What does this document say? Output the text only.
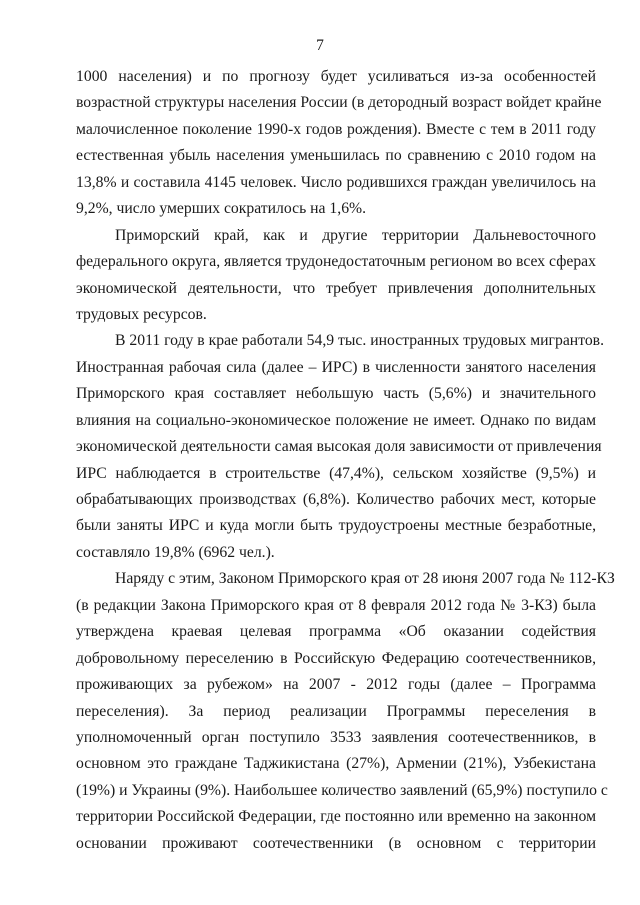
7
1000 населения) и по прогнозу будет усиливаться из-за особенностей
возрастной структуры населения России (в детородный возраст войдет крайне
малочисленное поколение 1990-х годов рождения). Вместе с тем в 2011 году
естественная убыль населения уменьшилась по сравнению с 2010 годом на
13,8% и составила 4145 человек. Число родившихся граждан увеличилось на
9,2%, число умерших сократилось на 1,6%.
Приморский край, как и другие территории Дальневосточного
федерального округа, является трудонедостаточным регионом во всех сферах
экономической деятельности, что требует привлечения дополнительных
трудовых ресурсов.
В 2011 году в крае работали 54,9 тыс. иностранных трудовых мигрантов.
Иностранная рабочая сила (далее – ИРС) в численности занятого населения
Приморского края составляет небольшую часть (5,6%) и значительного
влияния на социально-экономическое положение не имеет. Однако по видам
экономической деятельности самая высокая доля зависимости от привлечения
ИРС наблюдается в строительстве (47,4%), сельском хозяйстве (9,5%) и
обрабатывающих производствах (6,8%). Количество рабочих мест, которые
были заняты ИРС и куда могли быть трудоустроены местные безработные,
составляло 19,8% (6962 чел.).
Наряду с этим, Законом Приморского края от 28 июня 2007 года № 112-КЗ
(в редакции Закона Приморского края от 8 февраля 2012 года № 3-КЗ) была
утверждена краевая целевая программа «Об оказании содействия
добровольному переселению в Российскую Федерацию соотечественников,
проживающих за рубежом» на 2007 - 2012 годы (далее – Программа
переселения). За период реализации Программы переселения в
уполномоченный орган поступило 3533 заявления соотечественников, в
основном это граждане Таджикистана (27%), Армении (21%), Узбекистана
(19%) и Украины (9%). Наибольшее количество заявлений (65,9%) поступило с
территории Российской Федерации, где постоянно или временно на законном
основании проживают соотечественники (в основном с территории
